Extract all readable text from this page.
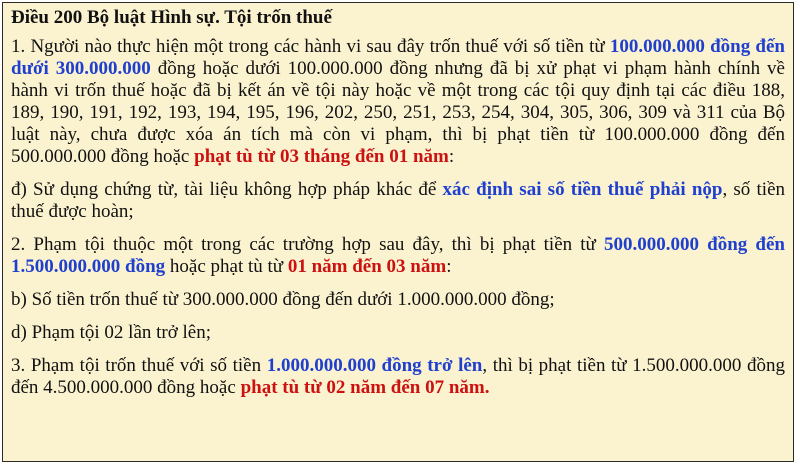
Điều 200 Bộ luật Hình sự. Tội trốn thuế
1. Người nào thực hiện một trong các hành vi sau đây trốn thuế với số tiền từ 100.000.000 đồng đến dưới 300.000.000 đồng hoặc dưới 100.000.000 đồng nhưng đã bị xử phạt vi phạm hành chính về hành vi trốn thuế hoặc đã bị kết án về tội này hoặc về một trong các tội quy định tại các điều 188, 189, 190, 191, 192, 193, 194, 195, 196, 202, 250, 251, 253, 254, 304, 305, 306, 309 và 311 của Bộ luật này, chưa được xóa án tích mà còn vi phạm, thì bị phạt tiền từ 100.000.000 đồng đến 500.000.000 đồng hoặc phạt tù từ 03 tháng đến 01 năm:
đ) Sử dụng chứng từ, tài liệu không hợp pháp khác để xác định sai số tiền thuế phải nộp, số tiền thuế được hoàn;
2. Phạm tội thuộc một trong các trường hợp sau đây, thì bị phạt tiền từ 500.000.000 đồng đến 1.500.000.000 đồng hoặc phạt tù từ 01 năm đến 03 năm:
b) Số tiền trốn thuế từ 300.000.000 đồng đến dưới 1.000.000.000 đồng;
d) Phạm tội 02 lần trở lên;
3. Phạm tội trốn thuế với số tiền 1.000.000.000 đồng trở lên, thì bị phạt tiền từ 1.500.000.000 đồng đến 4.500.000.000 đồng hoặc phạt tù từ 02 năm đến 07 năm.
